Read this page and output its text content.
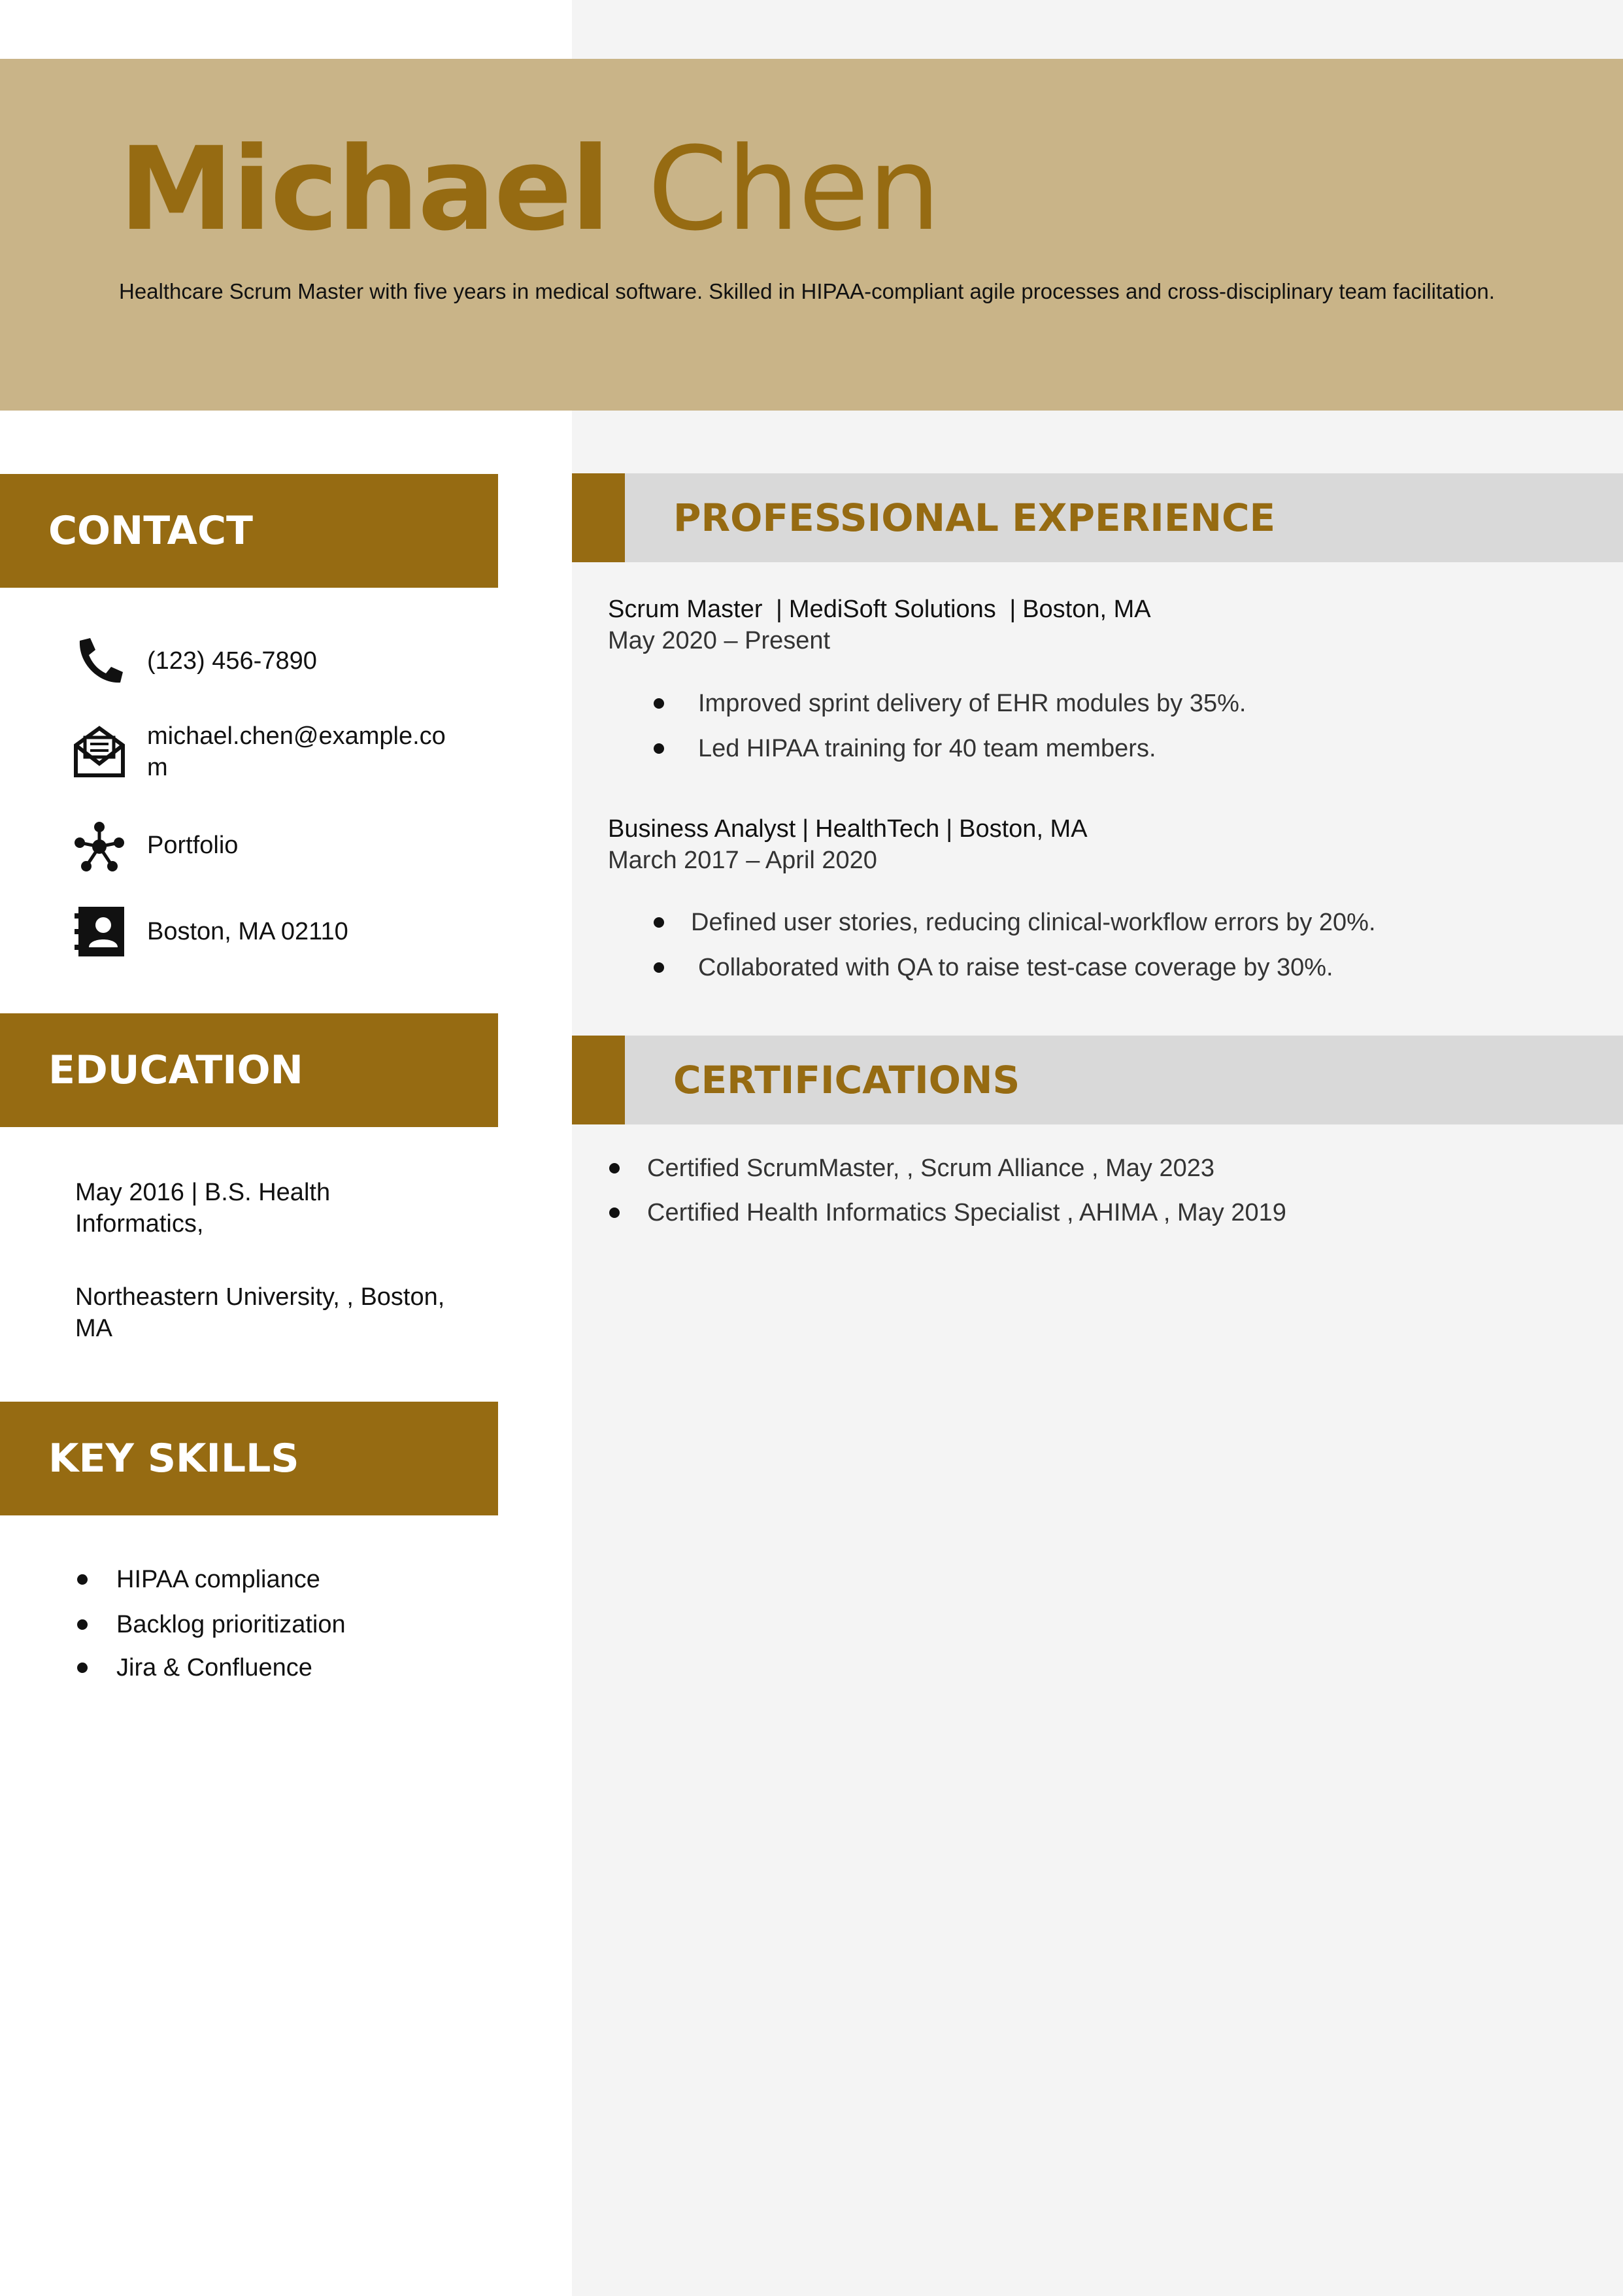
Michael Chen
Healthcare Scrum Master with five years in medical software. Skilled in HIPAA-compliant agile processes and cross-disciplinary team facilitation.
CONTACT
(123) 456-7890
michael.chen@example.co
m
Portfolio
Boston, MA 02110
EDUCATION
May 2016 | B.S. Health
Informatics,
Northeastern University, , Boston,
MA
KEY SKILLS
HIPAA compliance
Backlog prioritization
Jira & Confluence
PROFESSIONAL EXPERIENCE
Scrum Master | MediSoft Solutions | Boston, MA
May 2020 – Present
Improved sprint delivery of EHR modules by 35%.
Led HIPAA training for 40 team members.
Business Analyst | HealthTech | Boston, MA
March 2017 – April 2020
Defined user stories, reducing clinical-workflow errors by 20%.
Collaborated with QA to raise test-case coverage by 30%.
CERTIFICATIONS
Certified ScrumMaster, , Scrum Alliance , May 2023
Certified Health Informatics Specialist , AHIMA , May 2019
